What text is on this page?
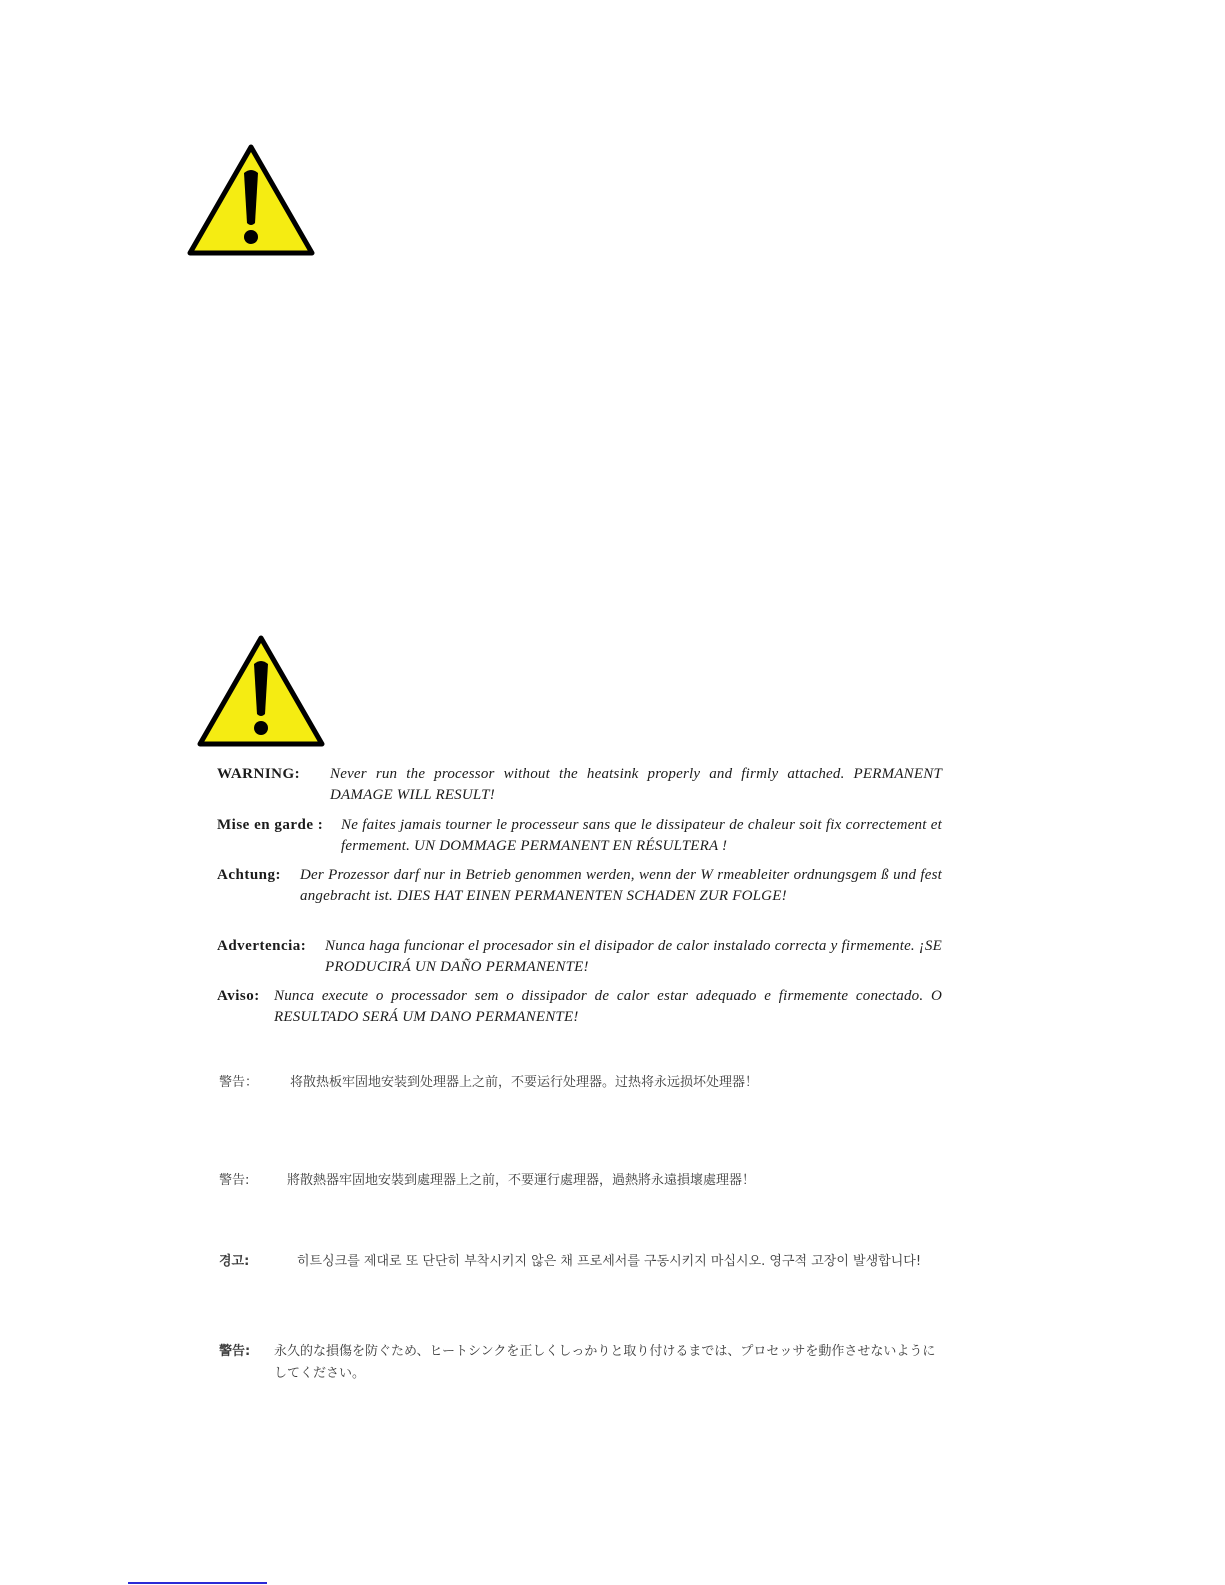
WARNING: Never run the processor without the heatsink properly and firmly attached. PERMANENT DAMAGE WILL RESULT!
Mise en garde : Ne faites jamais tourner le processeur sans que le dissipateur de chaleur soit fix correctement et fermement. UN DOMMAGE PERMANENT EN RÉSULTERA !
Achtung: Der Prozessor darf nur in Betrieb genommen werden, wenn der W rmeableiter ordnungsgem ß und fest angebracht ist. DIES HAT EINEN PERMANENTEN SCHADEN ZUR FOLGE!
Advertencia: Nunca haga funcionar el procesador sin el disipador de calor instalado correcta y firmemente. ¡SE PRODUCIRÁ UN DAÑO PERMANENTE!
Aviso: Nunca execute o processador sem o dissipador de calor estar adequado e firmemente conectado. O RESULTADO SERÁ UM DANO PERMANENTE!
警告： 将散热板牢固地安装到处理器上之前，不要运行处理器。过热将永远损坏处理器！
警告:	將散熱器牢固地安裝到處理器上之前，不要運行處理器，過熱將永遠損壞處理器！
경고:	히트싱크를 제대로 또 단단히 부착시키지 않은 채 프로세서를 구동시키지 마십시오. 영구적 고장이 발생합니다!
警告: 永久的な損傷を防ぐため、ヒートシンクを正しくしっかりと取り付けるまでは、プロセッサを動作させないようにしてください。
